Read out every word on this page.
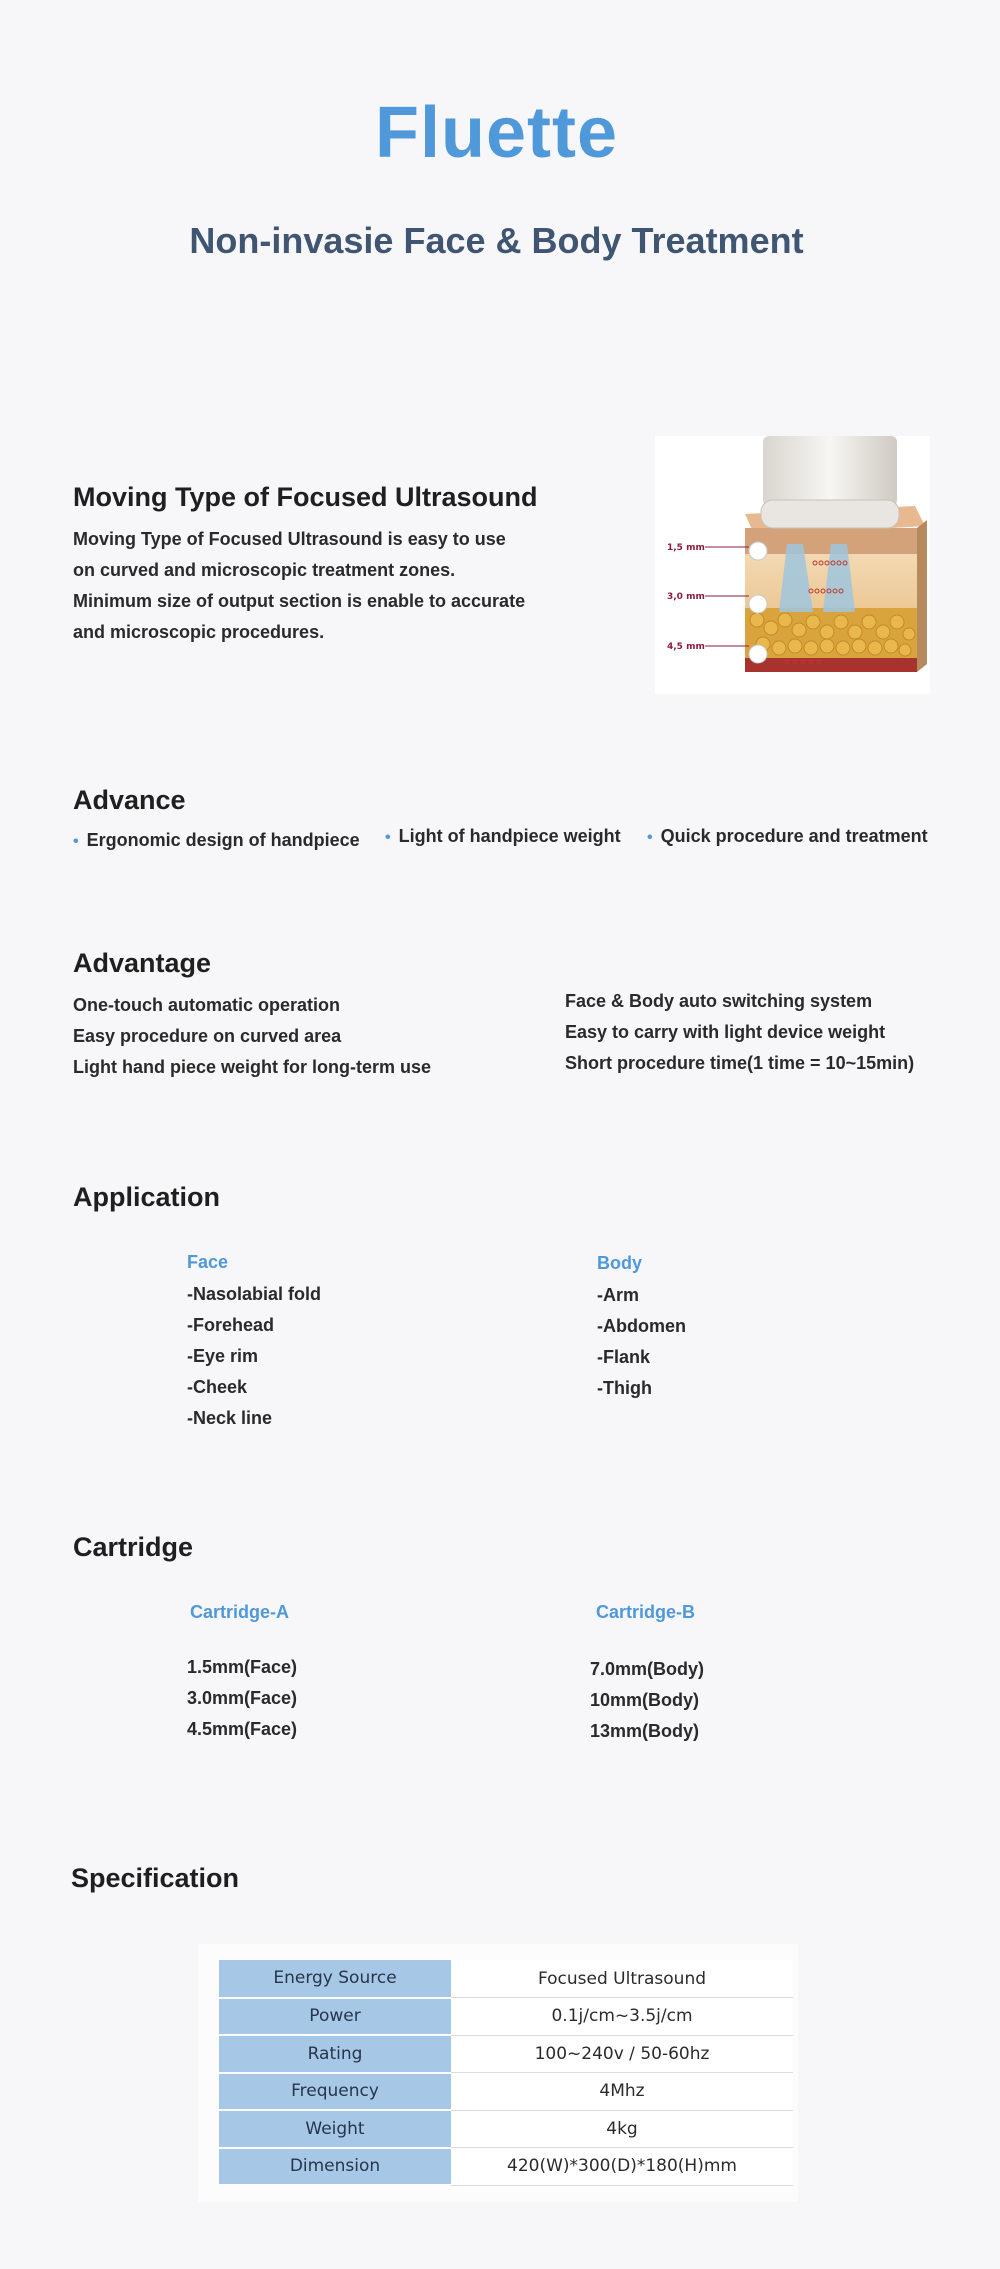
Fluette
Non-invasie Face & Body Treatment
Moving Type of Focused Ultrasound
Moving Type of Focused Ultrasound is easy to use
on curved and microscopic treatment zones.
Minimum size of output section is enable to accurate
and microscopic procedures.
1,5 mm
3,0 mm
4,5 mm
Advance
• Ergonomic design of handpiece • Light of handpiece weight • Quick procedure and treatment
Advantage
One-touch automatic operation
Easy procedure on curved area
Light hand piece weight for long-term use
Face & Body auto switching system
Easy to carry with light device weight
Short procedure time(1 time = 10~15min)
Application
Face
-Nasolabial fold
-Forehead
-Eye rim
-Cheek
-Neck line
Body
-Arm
-Abdomen
-Flank
-Thigh
Cartridge
Cartridge-A
1.5mm(Face)
3.0mm(Face)
4.5mm(Face)
Cartridge-B
7.0mm(Body)
10mm(Body)
13mm(Body)
Specification
Energy Source	Focused Ultrasound
Power	0.1j/cm~3.5j/cm
Rating	100~240v / 50-60hz
Frequency	4Mhz
Weight	4kg
Dimension	420(W)*300(D)*180(H)mm
